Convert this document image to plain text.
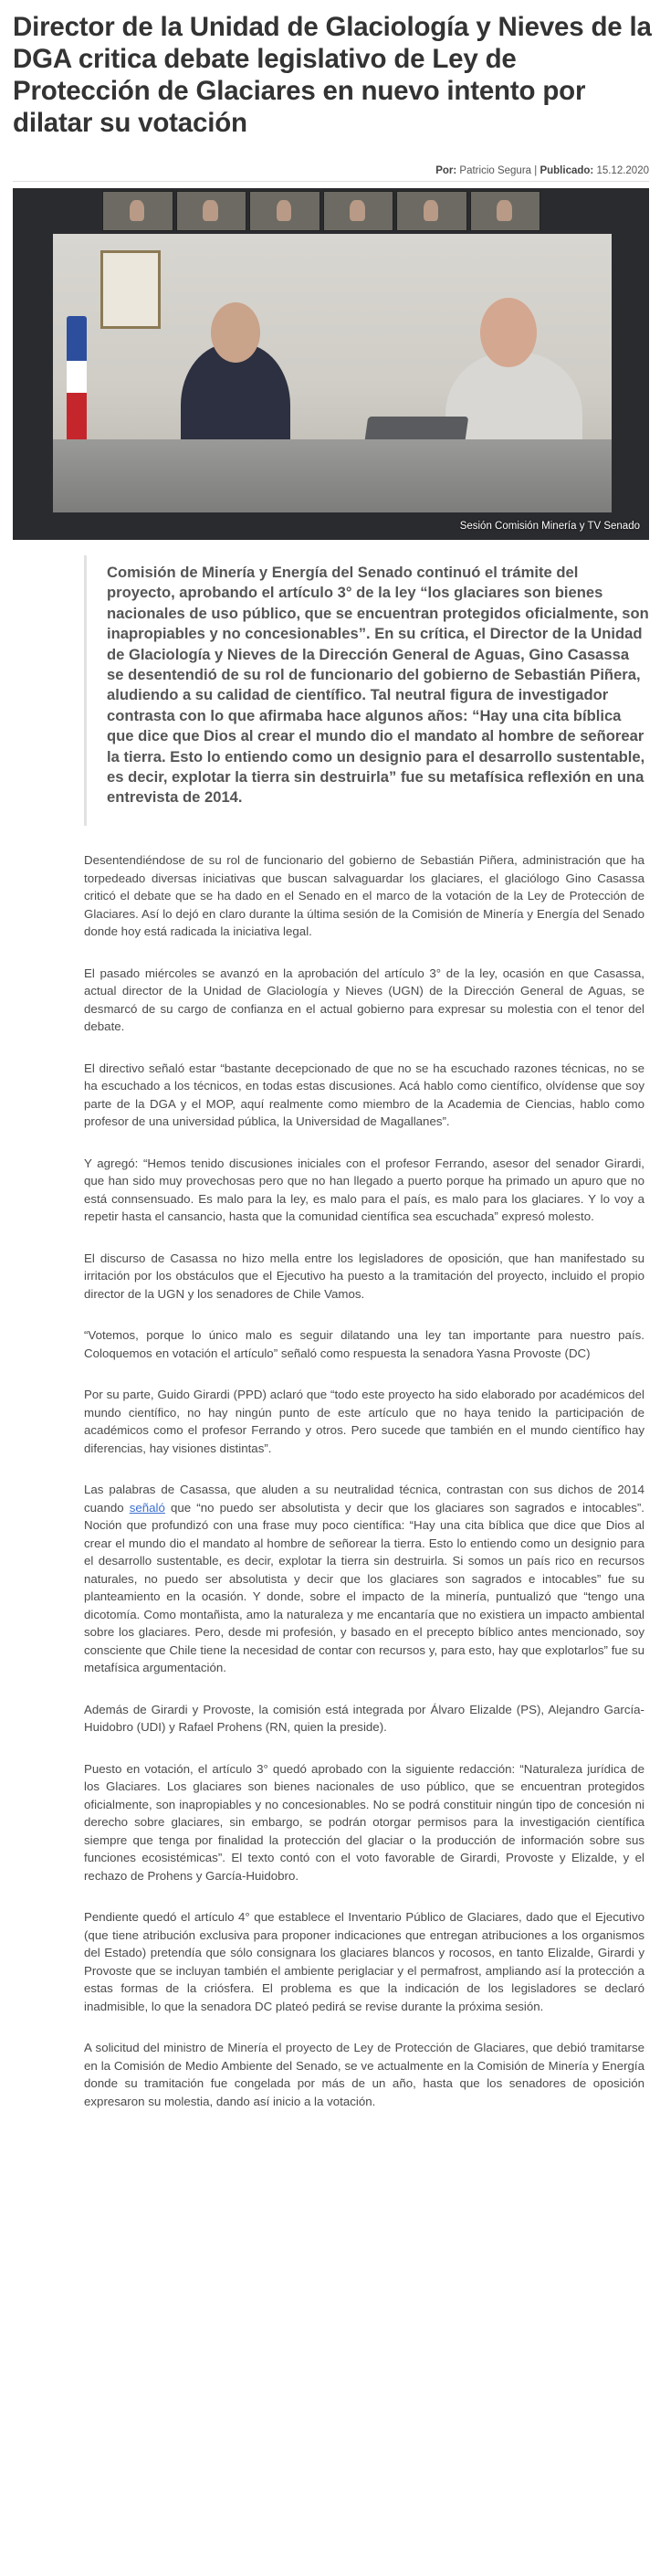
Director de la Unidad de Glaciología y Nieves de la DGA critica debate legislativo de Ley de Protección de Glaciares en nuevo intento por dilatar su votación
Por: Patricio Segura | Publicado: 15.12.2020
Sesión Comisión Minería y TV Senado

Comisión de Minería y Energía del Senado continuó el trámite del proyecto, aprobando el artículo 3° de la ley “los glaciares son bienes nacionales de uso público, que se encuentran protegidos oficialmente, son inapropiables y no concesionables”. En su crítica, el Director de la Unidad de Glaciología y Nieves de la Dirección General de Aguas, Gino Casassa se desentendió de su rol de funcionario del gobierno de Sebastián Piñera, aludiendo a su calidad de científico. Tal neutral figura de investigador contrasta con lo que afirmaba hace algunos años: “Hay una cita bíblica que dice que Dios al crear el mundo dio el mandato al hombre de señorear la tierra. Esto lo entiendo como un designio para el desarrollo sustentable, es decir, explotar la tierra sin destruirla” fue su metafísica reflexión en una entrevista de 2014.

Desentendiéndose de su rol de funcionario del gobierno de Sebastián Piñera, administración que ha torpedeado diversas iniciativas que buscan salvaguardar los glaciares, el glaciólogo Gino Casassa criticó el debate que se ha dado en el Senado en el marco de la votación de la Ley de Protección de Glaciares. Así lo dejó en claro durante la última sesión de la Comisión de Minería y Energía del Senado donde hoy está radicada la iniciativa legal.

El pasado miércoles se avanzó en la aprobación del artículo 3° de la ley, ocasión en que Casassa, actual director de la Unidad de Glaciología y Nieves (UGN) de la Dirección General de Aguas, se desmarcó de su cargo de confianza en el actual gobierno para expresar su molestia con el tenor del debate.

El directivo señaló estar “bastante decepcionado de que no se ha escuchado razones técnicas, no se ha escuchado a los técnicos, en todas estas discusiones. Acá hablo como científico, olvídense que soy parte de la DGA y el MOP, aquí realmente como miembro de la Academia de Ciencias, hablo como profesor de una universidad pública, la Universidad de Magallanes”.

Y agregó: “Hemos tenido discusiones iniciales con el profesor Ferrando, asesor del senador Girardi, que han sido muy provechosas pero que no han llegado a puerto porque ha primado un apuro que no está connsensuado. Es malo para la ley, es malo para el país, es malo para los glaciares. Y lo voy a repetir hasta el cansancio, hasta que la comunidad científica sea escuchada” expresó molesto.

El discurso de Casassa no hizo mella entre los legisladores de oposición, que han manifestado su irritación por los obstáculos que el Ejecutivo ha puesto a la tramitación del proyecto, incluido el propio director de la UGN y los senadores de Chile Vamos.

“Votemos, porque lo único malo es seguir dilatando una ley tan importante para nuestro país. Coloquemos en votación el artículo” señaló como respuesta la senadora Yasna Provoste (DC)

Por su parte, Guido Girardi (PPD) aclaró que “todo este proyecto ha sido elaborado por académicos del mundo científico, no hay ningún punto de este artículo que no haya tenido la participación de académicos como el profesor Ferrando y otros. Pero sucede que también en el mundo científico hay diferencias, hay visiones distintas”.

Las palabras de Casassa, que aluden a su neutralidad técnica, contrastan con sus dichos de 2014 cuando señaló que “no puedo ser absolutista y decir que los glaciares son sagrados e intocables”. Noción que profundizó con una frase muy poco científica: “Hay una cita bíblica que dice que Dios al crear el mundo dio el mandato al hombre de señorear la tierra. Esto lo entiendo como un designio para el desarrollo sustentable, es decir, explotar la tierra sin destruirla. Si somos un país rico en recursos naturales, no puedo ser absolutista y decir que los glaciares son sagrados e intocables” fue su planteamiento en la ocasión. Y donde, sobre el impacto de la minería, puntualizó que “tengo una dicotomía. Como montañista, amo la naturaleza y me encantaría que no existiera un impacto ambiental sobre los glaciares. Pero, desde mi profesión, y basado en el precepto bíblico antes mencionado, soy consciente que Chile tiene la necesidad de contar con recursos y, para esto, hay que explotarlos” fue su metafísica argumentación.

Además de Girardi y Provoste, la comisión está integrada por Álvaro Elizalde (PS), Alejandro García-Huidobro (UDI) y Rafael Prohens (RN, quien la preside).

Puesto en votación, el artículo 3° quedó aprobado con la siguiente redacción: “Naturaleza jurídica de los Glaciares. Los glaciares son bienes nacionales de uso público, que se encuentran protegidos oficialmente, son inapropiables y no concesionables. No se podrá constituir ningún tipo de concesión ni derecho sobre glaciares, sin embargo, se podrán otorgar permisos para la investigación científica siempre que tenga por finalidad la protección del glaciar o la producción de información sobre sus funciones ecosistémicas”. El texto contó con el voto favorable de Girardi, Provoste y Elizalde, y el rechazo de Prohens y García-Huidobro.

Pendiente quedó el artículo 4° que establece el Inventario Público de Glaciares, dado que el Ejecutivo (que tiene atribución exclusiva para proponer indicaciones que entregan atribuciones a los organismos del Estado) pretendía que sólo consignara los glaciares blancos y rocosos, en tanto Elizalde, Girardi y Provoste que se incluyan también el ambiente periglaciar y el permafrost, ampliando así la protección a estas formas de la criósfera. El problema es que la indicación de los legisladores se declaró inadmisible, lo que la senadora DC plateó pedirá se revise durante la próxima sesión.

A solicitud del ministro de Minería el proyecto de Ley de Protección de Glaciares, que debió tramitarse en la Comisión de Medio Ambiente del Senado, se ve actualmente en la Comisión de Minería y Energía donde su tramitación fue congelada por más de un año, hasta que los senadores de oposición expresaron su molestia, dando así inicio a la votación.
